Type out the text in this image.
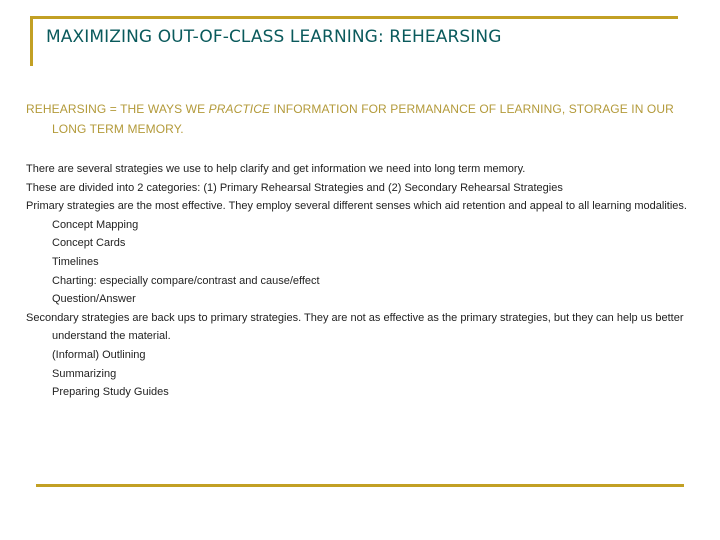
MAXIMIZING OUT-OF-CLASS LEARNING: REHEARSING

REHEARSING = THE WAYS WE PRACTICE INFORMATION FOR PERMANANCE OF LEARNING, STORAGE IN OUR LONG TERM MEMORY.

There are several strategies we use to help clarify and get information we need into long term memory.

These are divided into 2 categories: (1) Primary Rehearsal Strategies and (2) Secondary Rehearsal Strategies

Primary strategies are the most effective. They employ several different senses which aid retention and appeal to all learning modalities.

Concept Mapping

Concept Cards

Timelines

Charting: especially compare/contrast and cause/effect

Question/Answer

Secondary strategies are back ups to primary strategies. They are not as effective as the primary strategies, but they can help us better understand the material.

(Informal) Outlining

Summarizing

Preparing Study Guides
